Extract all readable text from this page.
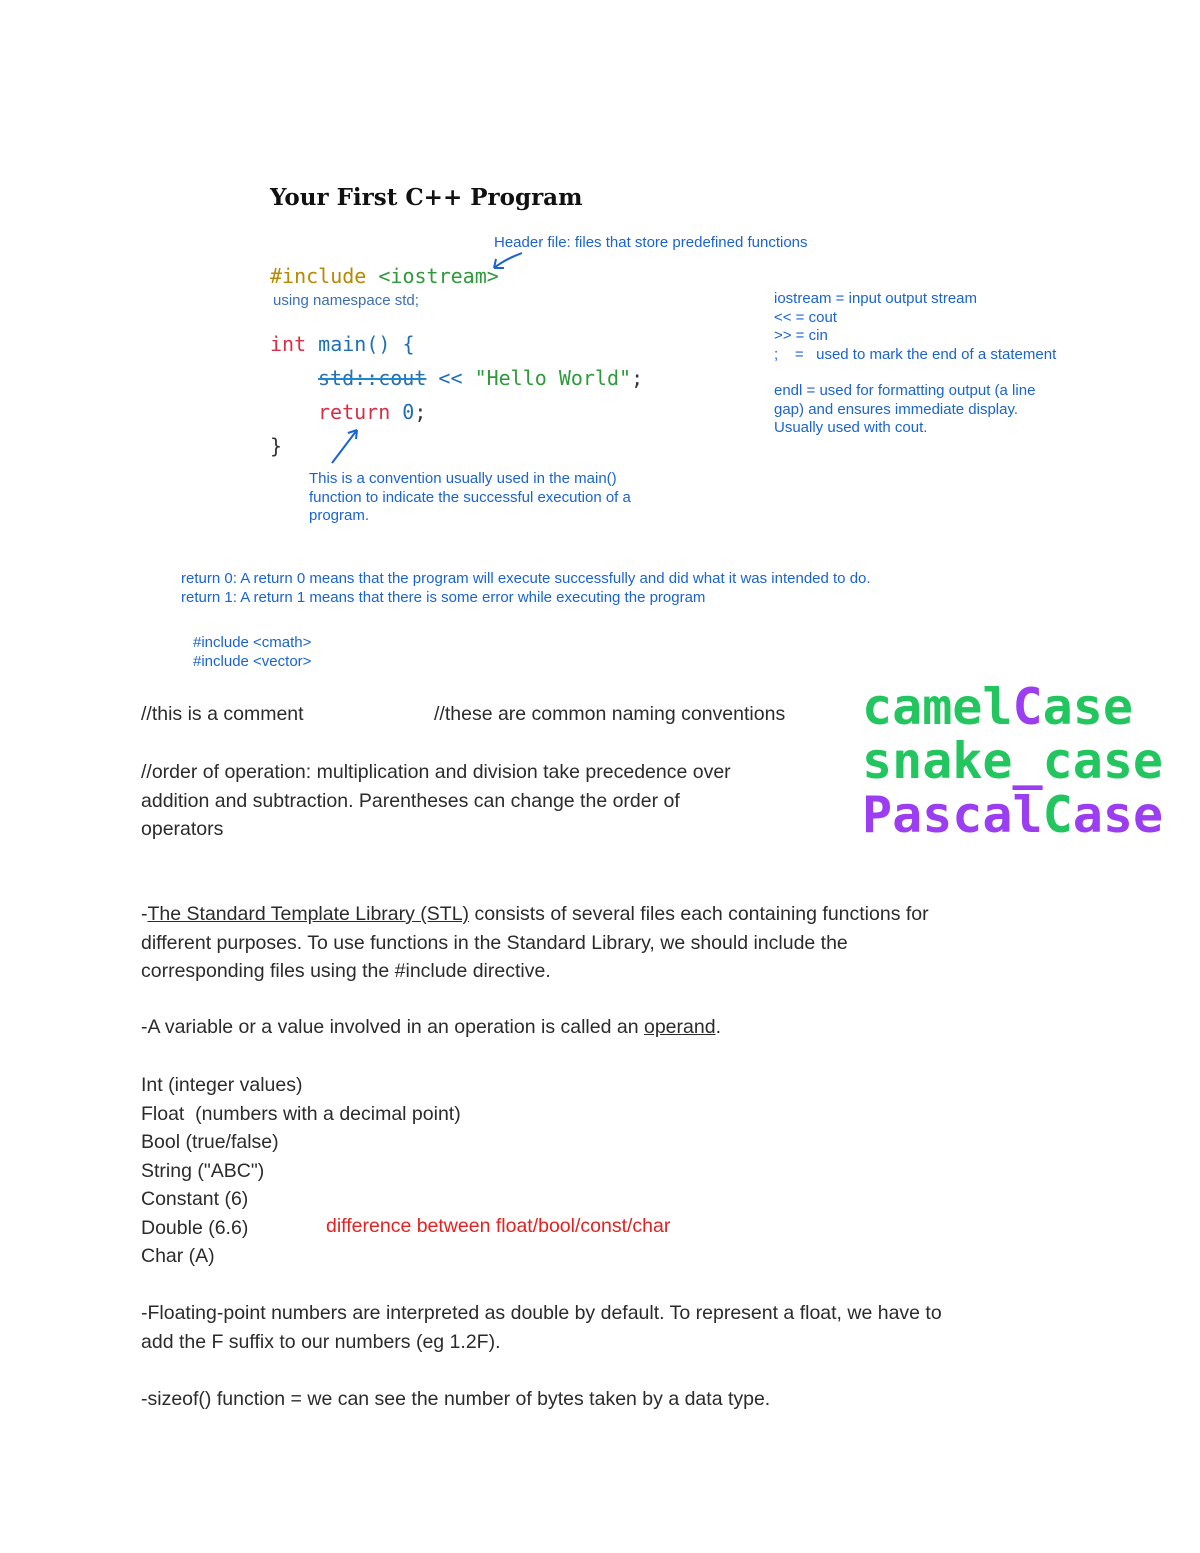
Your First C++ Program
Header file: files that store predefined functions
#include <iostream>
using namespace std;
int main() {
std::cout << "Hello World";
return 0;
}
iostream = input output stream
<< = cout
>> = cin
;    =   used to mark the end of a statement
endl = used for formatting output (a line
gap) and ensures immediate display.
Usually used with cout.
This is a convention usually used in the main()
function to indicate the successful execution of a
program.
return 0: A return 0 means that the program will execute successfully and did what it was intended to do.
return 1: A return 1 means that there is some error while executing the program
#include <cmath>
#include <vector>
//this is a comment	//these are common naming conventions camelCase
snake_case
PascalCase
//order of operation: multiplication and division take precedence over
addition and subtraction. Parentheses can change the order of
operators
-The Standard Template Library (STL) consists of several files each containing functions for
different purposes. To use functions in the Standard Library, we should include the
corresponding files using the #include directive.
-A variable or a value involved in an operation is called an operand.
Int (integer values)
Float  (numbers with a decimal point)
Bool (true/false)
String ("ABC")
Constant (6)
Double (6.6)
Char (A)
difference between float/bool/const/char
-Floating-point numbers are interpreted as double by default. To represent a float, we have to
add the F suffix to our numbers (eg 1.2F).
-sizeof() function = we can see the number of bytes taken by a data type.
